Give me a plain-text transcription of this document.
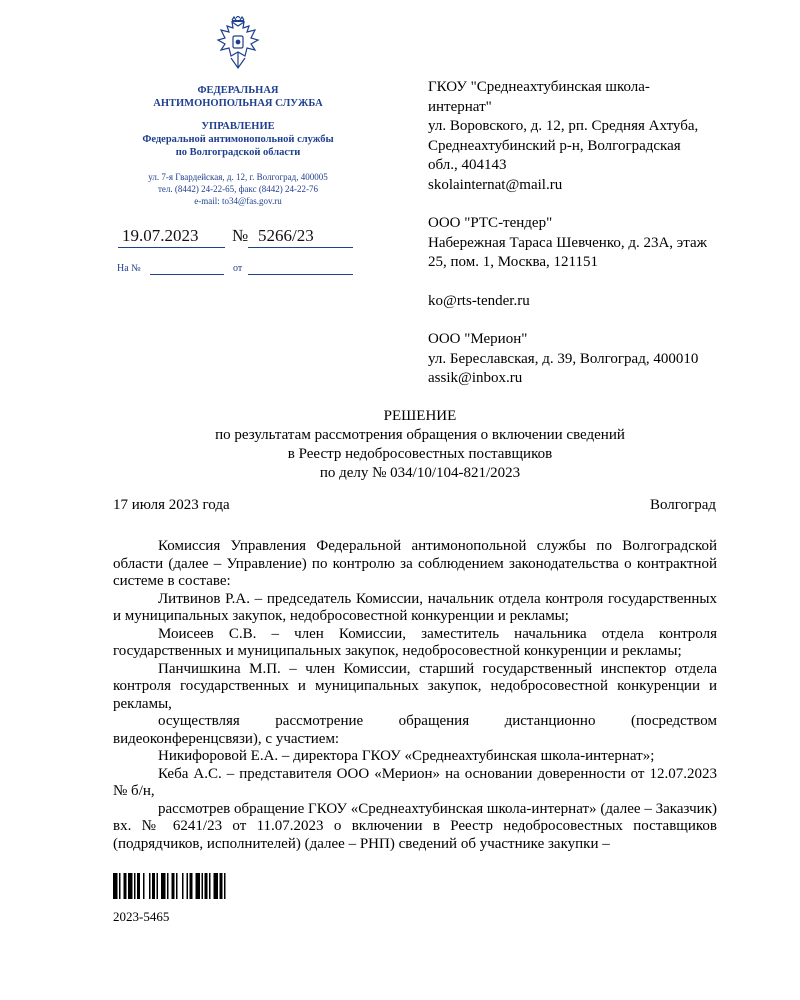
ФЕДЕРАЛЬНАЯ
АНТИМОНОПОЛЬНАЯ СЛУЖБА
УПРАВЛЕНИЕ
Федеральной антимонопольной службы
по Волгоградской области
ул. 7-я Гвардейская, д. 12, г. Волгоград, 400005
тел. (8442) 24-22-65, факс (8442) 24-22-76
e-mail: to34@fas.gov.ru
19.07.2023 № 5266/23
На №	от
ГКОУ "Среднеахтубинская школа-
интернат"
ул. Воровского, д. 12, рп. Средняя Ахтуба,
Среднеахтубинский р-н, Волгоградская
обл., 404143
skolainternat@mail.ru
ООО "РТС-тендер"
Набережная Тараса Шевченко, д. 23А, этаж
25, пом. 1, Москва, 121151
ko@rts-tender.ru
ООО "Мерион"
ул. Береславская, д. 39, Волгоград, 400010
assik@inbox.ru
РЕШЕНИЕ
по результатам рассмотрения обращения о включении сведений
в Реестр недобросовестных поставщиков
по делу № 034/10/104-821/2023
17 июля 2023 года	Волгоград

Комиссия Управления Федеральной антимонопольной службы по Волгоградской области (далее – Управление) по контролю за соблюдением законодательства о контрактной системе в составе:

Литвинов Р.А. – председатель Комиссии, начальник отдела контроля государственных и муниципальных закупок, недобросовестной конкуренции и рекламы;

Моисеев С.В. – член Комиссии, заместитель начальника отдела контроля государственных и муниципальных закупок, недобросовестной конкуренции и рекламы;

Панчишкина М.П. – член Комиссии, старший государственный инспектор отдела контроля государственных и муниципальных закупок, недобросовестной конкуренции и рекламы,

осуществляя рассмотрение обращения дистанционно (посредством видеоконференцсвязи), с участием:

Никифоровой Е.А. – директора ГКОУ «Среднеахтубинская школа-интернат»;

Кеба А.С. – представителя ООО «Мерион» на основании доверенности от 12.07.2023 № б/н,

рассмотрев обращение ГКОУ «Среднеахтубинская школа-интернат» (далее – Заказчик) вх. № 6241/23 от 11.07.2023 о включении в Реестр недобросовестных поставщиков (подрядчиков, исполнителей) (далее – РНП) сведений об участнике закупки –

2023-5465
